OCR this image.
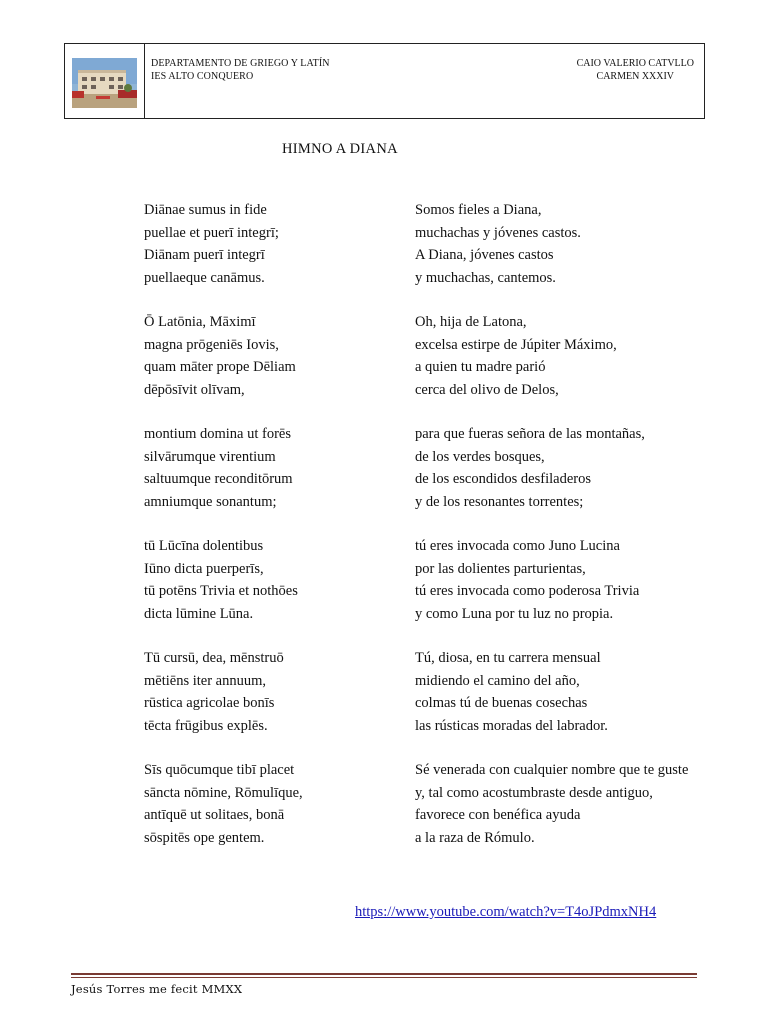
DEPARTAMENTO DE GRIEGO Y LATÍN
IES ALTO CONQUERO
CAIO VALERIO CATVLLO
CARMEN XXXIV
HIMNO A DIANA
Diānae sumus in fide
puellae et puerī integrī;
Diānam puerī integrī
puellaeque canāmus.
Ō Latōnia, Māximī
magna prōgeniēs Iovis,
quam māter prope Dēliam
dēpōsīvit olīvam,
montium domina ut forēs
silvārumque virentium
saltuumque reconditōrum
amniumque sonantum;
tū Lūcīna dolentibus
Iūno dicta puerperīs,
tū potēns Trivia et nothōes
dicta lūmine Lūna.
Tū cursū, dea, mēnstruō
mētiēns iter annuum,
rūstica agricolae bonīs
tēcta frūgibus explēs.
Sīs quōcumque tibī placet
sāncta nōmine, Rōmulīque,
antīquē ut solitaes, bonā
sōspitēs ope gentem.
Somos fieles a Diana,
muchachas y jóvenes castos.
A Diana, jóvenes castos
y muchachas, cantemos.
Oh, hija de Latona,
excelsa estirpe de Júpiter Máximo,
a quien tu madre parió
cerca del olivo de Delos,
para que fueras señora de las montañas,
de los verdes bosques,
de los escondidos desfiladeros
y de los resonantes torrentes;
tú eres invocada como Juno Lucina
por las dolientes parturientas,
tú eres invocada como poderosa Trivia
y como Luna por tu luz no propia.
Tú, diosa, en tu carrera mensual
midiendo el camino del año,
colmas tú de buenas cosechas
las rústicas moradas del labrador.
Sé venerada con cualquier nombre que te guste
y, tal como acostumbraste desde antiguo,
favorece con benéfica ayuda
a la raza de Rómulo.
https://www.youtube.com/watch?v=T4oJPdmxNH4
Jesús Torres me fecit MMXX
